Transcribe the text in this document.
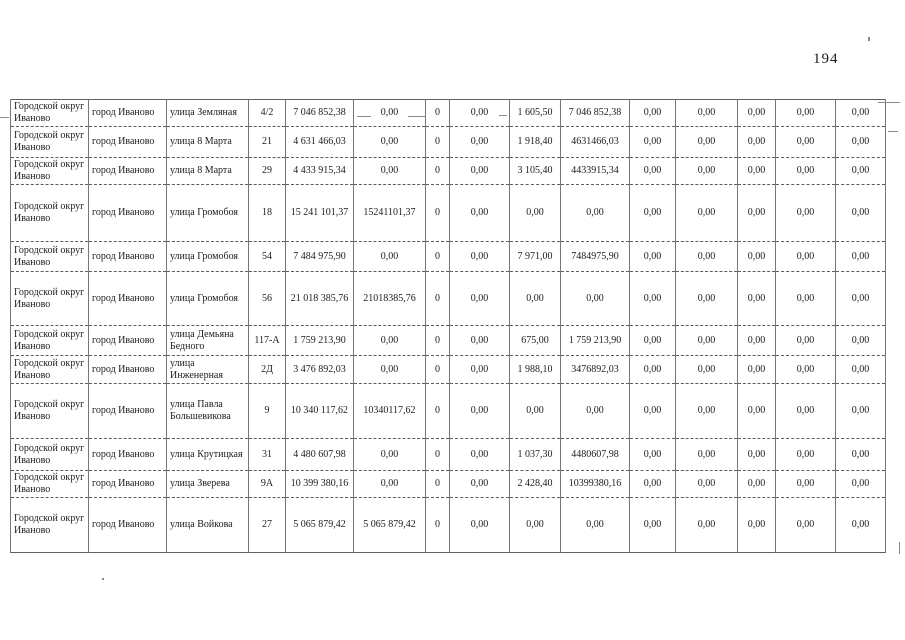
194
Городской округ Иваново	город Иваново	улица Земляная	4/2	7 046 852,38	0,00	0	0,00	1 605,50	7 046 852,38	0,00	0,00	0,00	0,00	0,00
Городской округ Иваново	город Иваново	улица 8 Марта	21	4 631 466,03	0,00	0	0,00	1 918,40	4631466,03	0,00	0,00	0,00	0,00	0,00
Городской округ Иваново	город Иваново	улица 8 Марта	29	4 433 915,34	0,00	0	0,00	3 105,40	4433915,34	0,00	0,00	0,00	0,00	0,00
Городской округ Иваново	город Иваново	улица Громобоя	18	15 241 101,37	15241101,37	0	0,00	0,00	0,00	0,00	0,00	0,00	0,00	0,00
Городской округ Иваново	город Иваново	улица Громобоя	54	7 484 975,90	0,00	0	0,00	7 971,00	7484975,90	0,00	0,00	0,00	0,00	0,00
Городской округ Иваново	город Иваново	улица Громобоя	56	21 018 385,76	21018385,76	0	0,00	0,00	0,00	0,00	0,00	0,00	0,00	0,00
Городской округ Иваново	город Иваново	улица Демьяна Бедного	117-А	1 759 213,90	0,00	0	0,00	675,00	1 759 213,90	0,00	0,00	0,00	0,00	0,00
Городской округ Иваново	город Иваново	улица Инженерная	2Д	3 476 892,03	0,00	0	0,00	1 988,10	3476892,03	0,00	0,00	0,00	0,00	0,00
Городской округ Иваново	город Иваново	улица Павла Большевикова	9	10 340 117,62	10340117,62	0	0,00	0,00	0,00	0,00	0,00	0,00	0,00	0,00
Городской округ Иваново	город Иваново	улица Крутицкая	31	4 480 607,98	0,00	0	0,00	1 037,30	4480607,98	0,00	0,00	0,00	0,00	0,00
Городской округ Иваново	город Иваново	улица Зверева	9А	10 399 380,16	0,00	0	0,00	2 428,40	10399380,16	0,00	0,00	0,00	0,00	0,00
Городской округ Иваново	город Иваново	улица Войкова	27	5 065 879,42	5 065 879,42	0	0,00	0,00	0,00	0,00	0,00	0,00	0,00	0,00
